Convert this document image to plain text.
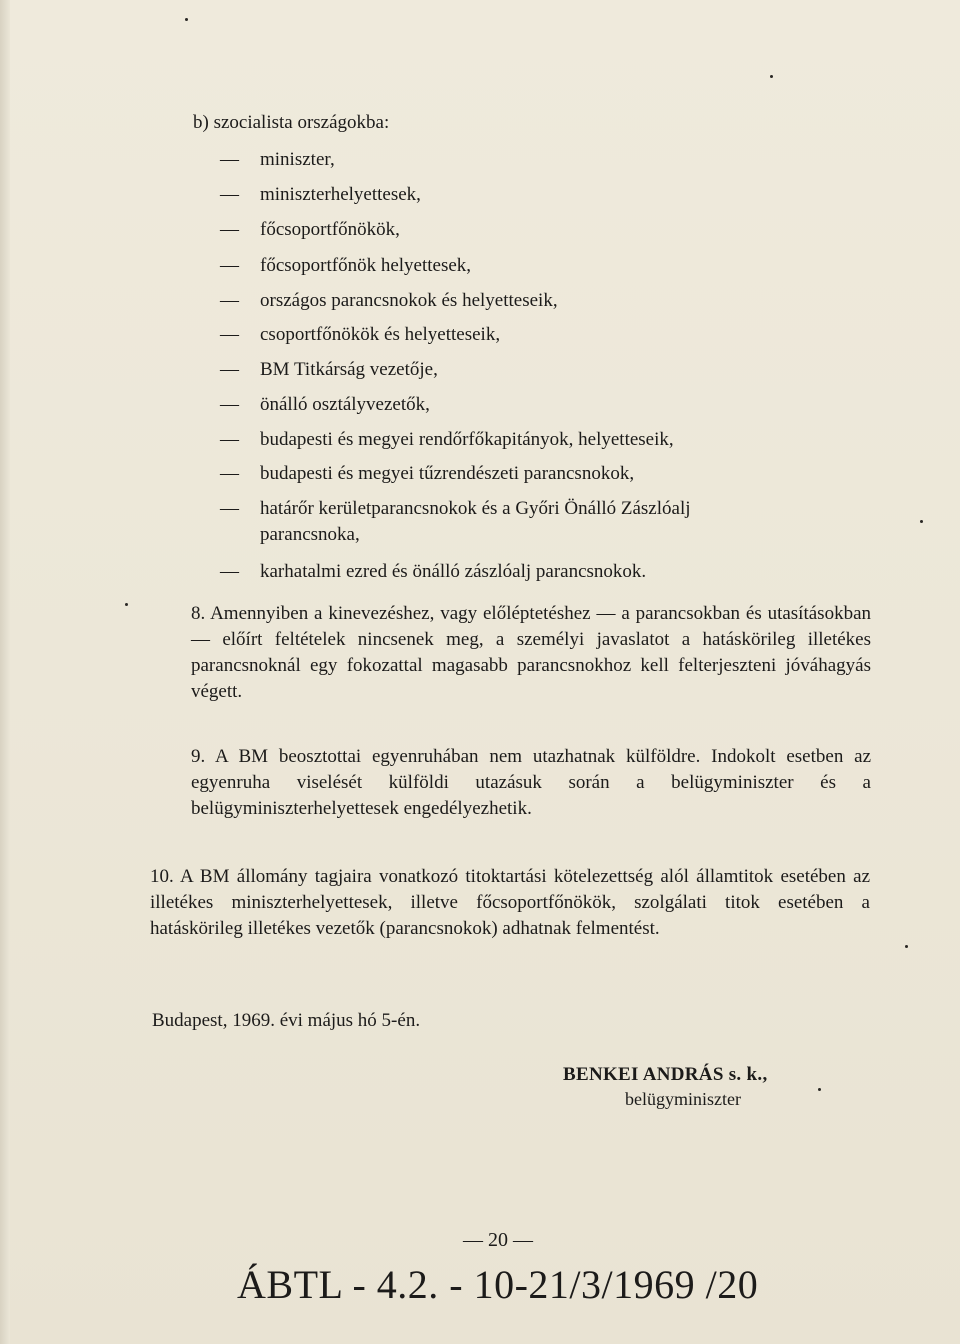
b) szocialista országokba:
— miniszter,
— miniszterhelyettesek,
— főcsoportfőnökök,
— főcsoportfőnök helyettesek,
— országos parancsnokok és helyetteseik,
— csoportfőnökök és helyetteseik,
— BM Titkárság vezetője,
— önálló osztályvezetők,
— budapesti és megyei rendőrfőkapitányok, helyetteseik,
— budapesti és megyei tűzrendészeti parancsnokok,
— határőr kerületparancsnokok és a Győri Önálló Zászlóalj
parancsnoka,
— karhatalmi ezred és önálló zászlóalj parancsnokok.
8. Amennyiben a kinevezéshez, vagy előléptetéshez — a parancsokban és utasításokban — előírt feltételek nincsenek meg, a személyi javaslatot a hatáskörileg illetékes parancsnoknál egy fokozattal magasabb parancsnokhoz kell felterjeszteni jóváhagyás végett.
9. A BM beosztottai egyenruhában nem utazhatnak külföldre. Indokolt esetben az egyenruha viselését külföldi utazásuk során a belügyminiszter és a belügyminiszterhelyettesek engedélyezhetik.
10. A BM állomány tagjaira vonatkozó titoktartási kötelezettség alól államtitok esetében az illetékes miniszterhelyettesek, illetve főcsoportfőnökök, szolgálati titok esetében a hatáskörileg illetékes vezetők (parancsnokok) adhatnak felmentést.
Budapest, 1969. évi május hó 5-én.
BENKEI ANDRÁS s. k.,
belügyminiszter
— 20 —
ÁBTL - 4.2. - 10-21/3/1969 /20
